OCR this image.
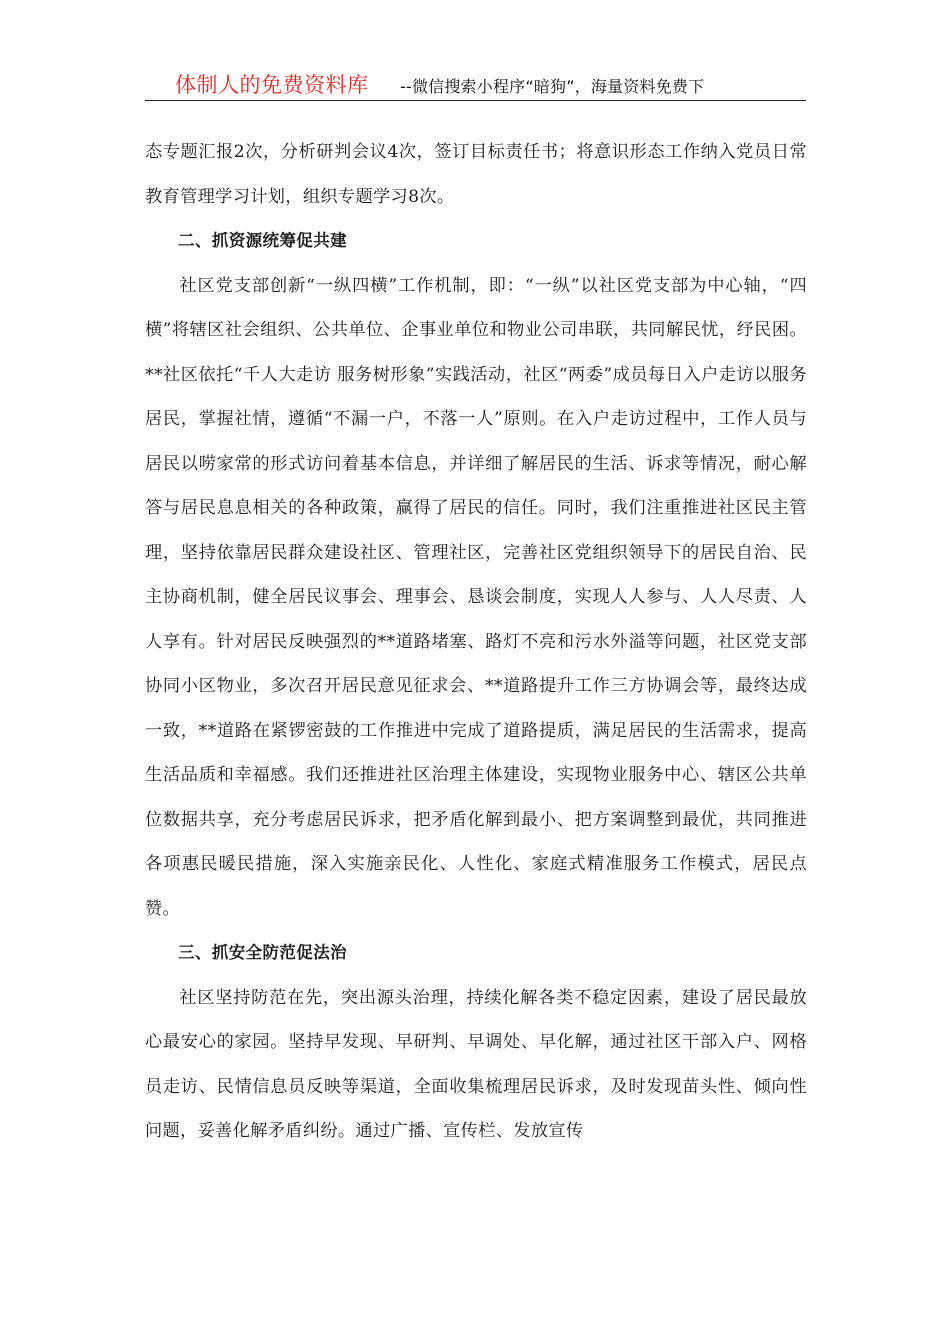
体制人的免费资料库 --微信搜索小程序“暗狗”，海量资料免费下

态专题汇报2次，分析研判会议4次，签订目标责任书；将意识形态工作纳入党员日常教育管理学习计划，组织专题学习8次。

二、抓资源统筹促共建

社区党支部创新“一纵四横”工作机制，即：“一纵”以社区党支部为中心轴，“四横”将辖区社会组织、公共单位、企事业单位和物业公司串联，共同解民忧，纾民困。**社区依托“千人大走访 服务树形象”实践活动，社区“两委”成员每日入户走访以服务居民，掌握社情，遵循“不漏一户，不落一人”原则。在入户走访过程中，工作人员与居民以唠家常的形式访问着基本信息，并详细了解居民的生活、诉求等情况，耐心解答与居民息息相关的各种政策，赢得了居民的信任。同时，我们注重推进社区民主管理，坚持依靠居民群众建设社区、管理社区，完善社区党组织领导下的居民自治、民主协商机制，健全居民议事会、理事会、恳谈会制度，实现人人参与、人人尽责、人人享有。针对居民反映强烈的**道路堵塞、路灯不亮和污水外溢等问题，社区党支部协同小区物业，多次召开居民意见征求会、**道路提升工作三方协调会等，最终达成一致，**道路在紧锣密鼓的工作推进中完成了道路提质，满足居民的生活需求，提高生活品质和幸福感。我们还推进社区治理主体建设，实现物业服务中心、辖区公共单位数据共享，充分考虑居民诉求，把矛盾化解到最小、把方案调整到最优，共同推进各项惠民暖民措施，深入实施亲民化、人性化、家庭式精准服务工作模式，居民点赞。

三、抓安全防范促法治

社区坚持防范在先，突出源头治理，持续化解各类不稳定因素，建设了居民最放心最安心的家园。坚持早发现、早研判、早调处、早化解，通过社区干部入户、网格员走访、民情信息员反映等渠道，全面收集梳理居民诉求，及时发现苗头性、倾向性问题，妥善化解矛盾纠纷。通过广播、宣传栏、发放宣传
